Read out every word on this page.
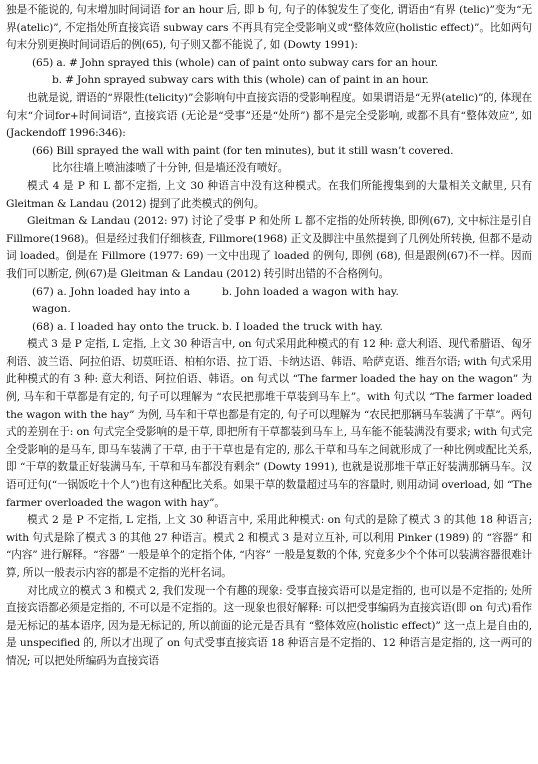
独是不能说的, 句末增加时间词语 for an hour 后, 即 b 句, 句子的体貌发生了变化, 谓语由“有界 (telic)”变为“无界(atelic)”, 不定指处所直接宾语 subway cars 不再具有完全受影响义或“整体效应(holistic effect)”。比如两句句末分别更换时间词语后的例(65), 句子则又都不能说了, 如 (Dowty 1991):

(65) a. # John sprayed this (whole) can of paint onto subway cars for an hour.

b. # John sprayed subway cars with this (whole) can of paint in an hour.

也就是说, 谓语的“界限性(telicity)”会影响句中直接宾语的受影响程度。如果谓语是“无界(atelic)”的, 体现在句末“介词for+时间词语”, 直接宾语 (无论是“受事”还是“处所”) 都不是完全受影响, 或都不具有“整体效应”, 如(Jackendoff 1996:346):

(66) Bill sprayed the wall with paint (for ten minutes), but it still wasn’t covered.

比尔往墙上喷油漆喷了十分钟, 但是墙还没有喷好。

模式 4 是 P 和 L 都不定指, 上文 30 种语言中没有这种模式。在我们所能搜集到的大量相关文献里, 只有 Gleitman & Landau (2012) 提到了此类模式的例句。

Gleitman & Landau (2012: 97) 讨论了受事 P 和处所 L 都不定指的处所转换, 即例(67), 文中标注是引自 Fillmore(1968)。但是经过我们仔细核查, Fillmore(1968) 正文及脚注中虽然提到了几例处所转换, 但都不是动词 loaded。倒是在 Fillmore (1977: 69) 一文中出现了 loaded 的例句, 即例 (68), 但是跟例(67)不一样。因而我们可以断定, 例(67)是 Gleitman & Landau (2012) 转引时出错的不合格例句。

(67) a. John loaded hay into a wagon.
b. John loaded a wagon with hay.
(68) a. I loaded hay onto the truck. b. I loaded the truck with hay.

模式 3 是 P 定指, L 定指, 上文 30 种语言中, on 句式采用此种模式的有 12 种: 意大利语、现代希腊语、匈牙利语、波兰语、阿拉伯语、切莫旺语、柏柏尔语、拉丁语、卡纳达语、韩语、哈萨克语、维吾尔语; with 句式采用此种模式的有 3 种: 意大利语、阿拉伯语、韩语。on 句式以 “The farmer loaded the hay on the wagon” 为例, 马车和干草都是有定的, 句子可以理解为 “农民把那堆干草装到马车上”。with 句式以 “The farmer loaded the wagon with the hay” 为例, 马车和干草也都是有定的, 句子可以理解为 “农民把那辆马车装满了干草”。两句式的差别在于: on 句式完全受影响的是干草, 即把所有干草都装到马车上, 马车能不能装满没有要求; with 句式完全受影响的是马车, 即马车装满了干草, 由于干草也是有定的, 那么干草和马车之间就形成了一种比例或配比关系, 即 “干草的数量正好装满马车, 干草和马车都没有剩余” (Dowty 1991), 也就是说那堆干草正好装满那辆马车。汉语可迂句(“一锅饭吃十个人”)也有这种配比关系。如果干草的数量超过马车的容量时, 则用动词 overload, 如 “The farmer overloaded the wagon with hay”。

模式 2 是 P 不定指, L 定指, 上文 30 种语言中, 采用此种模式: on 句式的是除了模式 3 的其他 18 种语言; with 句式是除了模式 3 的其他 27 种语言。模式 2 和模式 3 是对立互补, 可以利用 Pinker (1989) 的 “容器” 和 “内容” 进行解释。“容器” 一般是单个的定指个体, “内容” 一般是复数的个体, 究竟多少个个体可以装满容器很难计算, 所以一般表示内容的都是不定指的光杆名词。

对比成立的模式 3 和模式 2, 我们发现一个有趣的现象: 受事直接宾语可以是定指的, 也可以是不定指的; 处所直接宾语都必须是定指的, 不可以是不定指的。这一现象也很好解释: 可以把受事编码为直接宾语(即 on 句式)看作是无标记的基本语序, 因为是无标记的, 所以前面的论元是否具有 “整体效应(holistic effect)” 这一点上是自由的, 是 unspecified 的, 所以才出现了 on 句式受事直接宾语 18 种语言是不定指的、12 种语言是定指的, 这一两可的情况; 可以把处所编码为直接宾语
